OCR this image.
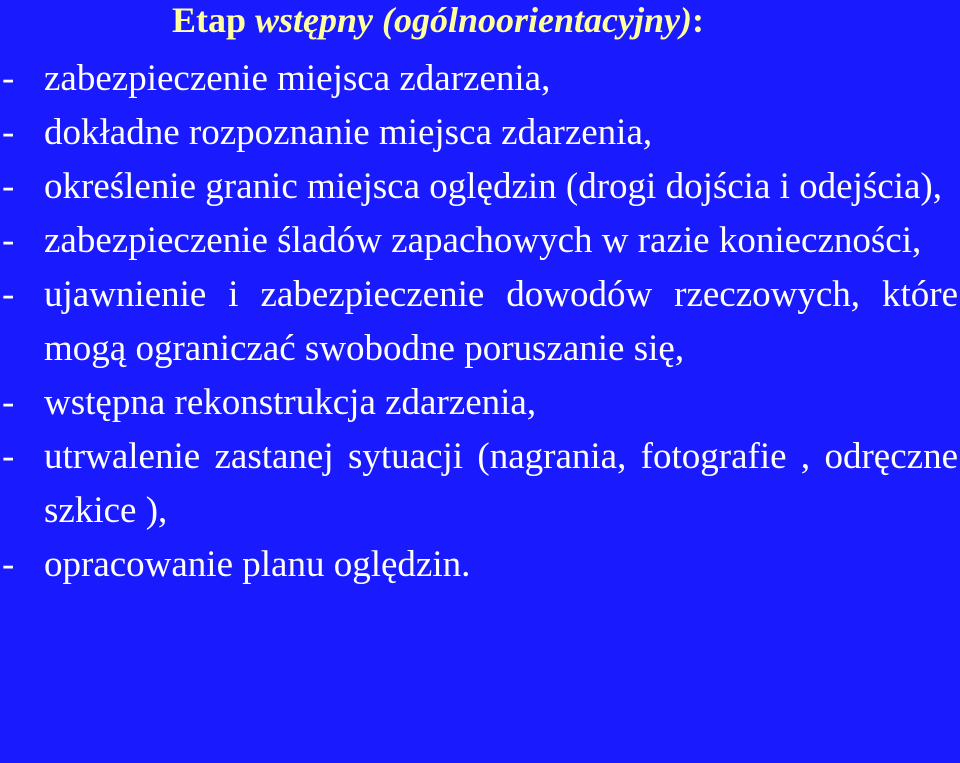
Etap wstępny (ogólnoorientacyjny):
- zabezpieczenie miejsca zdarzenia,
- dokładne rozpoznanie miejsca zdarzenia,
- określenie granic miejsca oględzin (drogi dojścia i odejścia),
- zabezpieczenie śladów zapachowych w razie konieczności,
- ujawnienie i zabezpieczenie dowodów rzeczowych, które mogą ograniczać swobodne poruszanie się,
- wstępna rekonstrukcja zdarzenia,
- utrwalenie zastanej sytuacji (nagrania, fotografie , odręczne szkice ),
- opracowanie planu oględzin.
